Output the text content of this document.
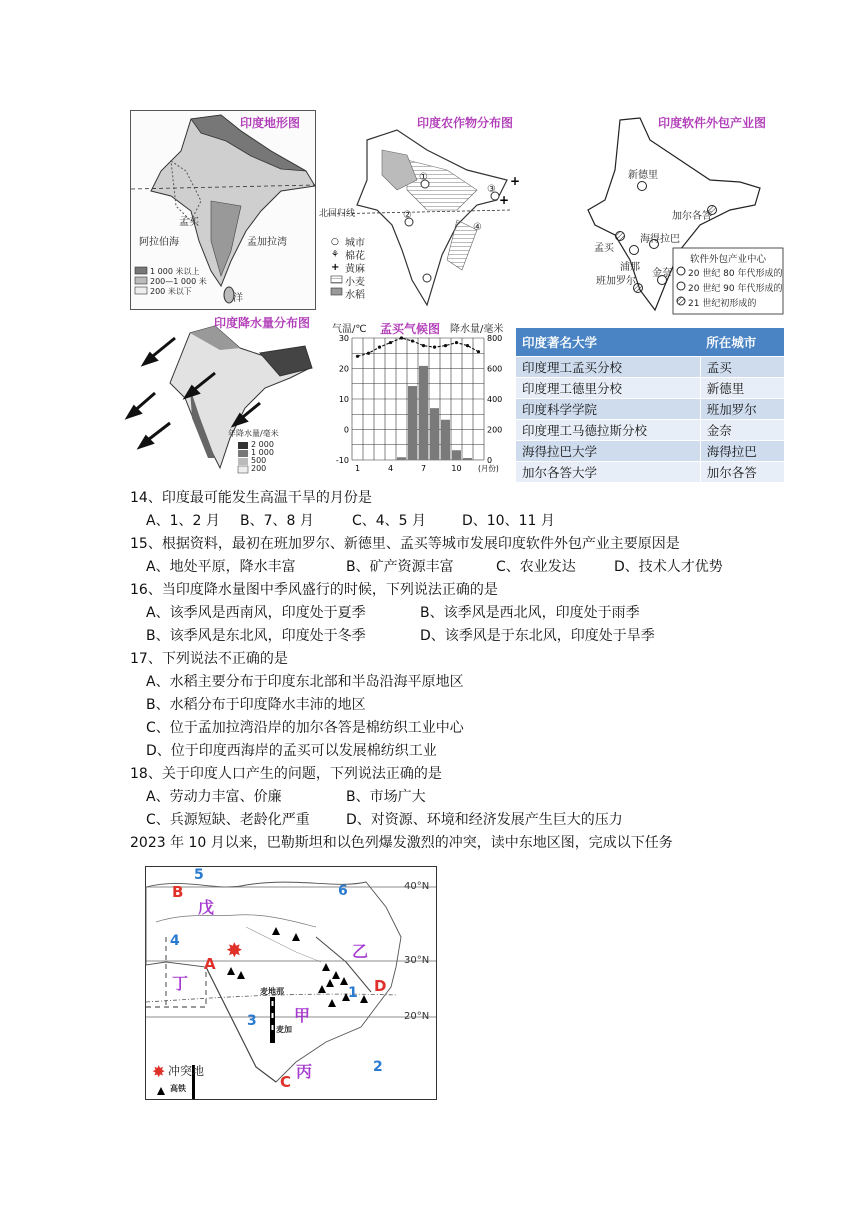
孟买
阿拉伯海	孟加拉湾
洋
1 000 米以上
200—1 000 米
200 米以下
印度地形图
+
+
○
⚘
+
北回归线
城市
棉花
黄麻
小麦
水稻
①
②
③
④
印度农作物分布图
新德里
加尔各答
孟买
海得拉巴
浦那
金奈
班加罗尔
软件外包产业中心
20 世纪 80 年代形成的
20 世纪 90 年代形成的
21 世纪初形成的
印度软件外包产业图
年降水量/毫米
2 000
1 000
500
200
印度降水量分布图	孟买气候图
气温/℃	降水量/毫米
30
20
10
0
-10
800
600
400
200
0
1	4	7	10 (月份)
印度著名大学	所在城市
印度理工孟买分校	孟买
印度理工德里分校	新德里
印度科学学院	班加罗尔
印度理工马德拉斯分校	金奈
海得拉巴大学	海得拉巴
加尔各答大学	加尔各答
14、印度最可能发生高温干旱的月份是
A、1、2 月 B、7、8 月	C、4、5 月	D、10、11 月
15、根据资料，最初在班加罗尔、新德里、孟买等城市发展印度软件外包产业主要原因是
A、地处平原，降水丰富	B、矿产资源丰富	C、农业发达	D、技术人才优势
16、当印度降水量图中季风盛行的时候，下列说法正确的是
A、该季风是西南风，印度处于夏季	B、该季风是西北风，印度处于雨季
B、该季风是东北风，印度处于冬季	D、该季风是于东北风，印度处于旱季
17、下列说法不正确的是
A、水稻主要分布于印度东北部和半岛沿海平原地区
B、水稻分布于印度降水丰沛的地区
C、位于孟加拉湾沿岸的加尔各答是棉纺织工业中心
D、位于印度西海岸的孟买可以发展棉纺织工业
18、关于印度人口产生的问题，下列说法正确的是
A、劳动力丰富、价廉	B、市场广大
C、兵源短缺、老龄化严重	D、对资源、环境和经济发展产生巨大的压力
2023 年 10 月以来，巴勒斯坦和以色列爆发激烈的冲突，读中东地区图，完成以下任务
✸
✸
5
6
4
1
3
2
B
A
D
C
戊
乙
丁
甲
丙
40°N
30°N
20°N
麦地那
麦加
冲突地
高铁
